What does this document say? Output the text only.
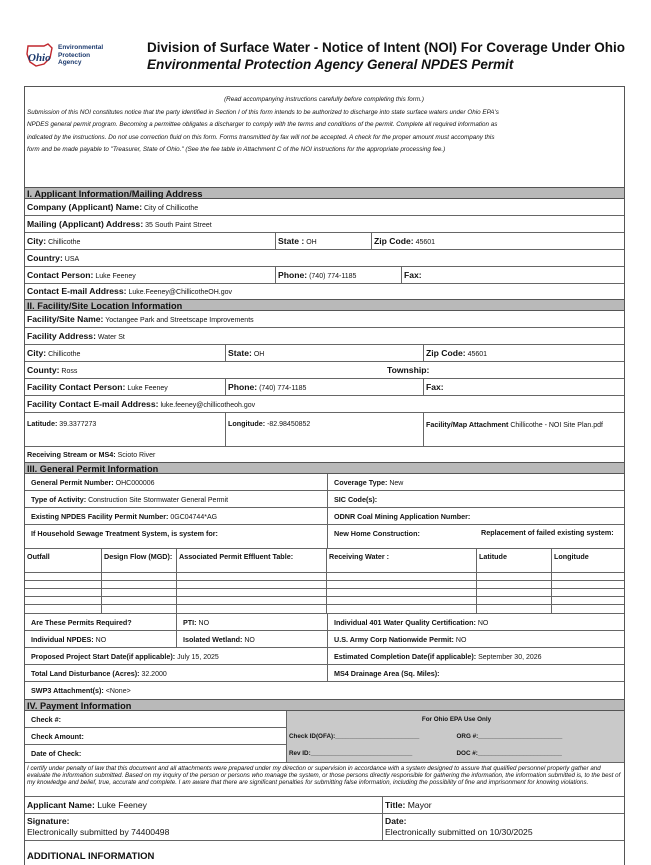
Ohio
Environmental
Protection
Agency
Division of Surface Water - Notice of Intent (NOI) For Coverage Under Ohio
Environmental Protection Agency General NPDES Permit
(Read accompanying instructions carefully before completing this form.)
Submission of this NOI constitutes notice that the party identified in Section I of this form intends to be authorized to discharge into state surface waters under Ohio EPA's
NPDES general permit program. Becoming a permittee obligates a discharger to comply with the terms and conditions of the permit. Complete all required information as
indicated by the instructions. Do not use correction fluid on this form. Forms transmitted by fax will not be accepted. A check for the proper amount must accompany this
form and be made payable to "Treasurer, State of Ohio." (See the fee table in Attachment C of the NOI instructions for the appropriate processing fee.)
I. Applicant Information/Mailing Address
Company (Applicant) Name: City of Chillicothe
Mailing (Applicant) Address: 35 South Paint Street
City: Chillicothe	State : OH	Zip Code: 45601
Country: USA
Contact Person: Luke Feeney	Phone: (740) 774-1185	Fax:
Contact E-mail Address: Luke.Feeney@ChillicotheOH.gov
II. Facility/Site Location Information
Facility/Site Name: Yoctangee Park and Streetscape Improvements
Facility Address: Water St
City: Chillicothe	State: OH	Zip Code: 45601
County: Ross	Township:
Facility Contact Person: Luke Feeney	Phone: (740) 774-1185	Fax:
Facility Contact E-mail Address: luke.feeney@chillicotheoh.gov
Latitude: 39.3377273	Longitude: -82.98450852	Facility/Map Attachment Chillicothe - NOI Site Plan.pdf
Receiving Stream or MS4: Scioto River
III. General Permit Information
General Permit Number: OHC000006	Coverage Type: New
Type of Activity: Construction Site Stormwater General Permit	SIC Code(s):
Existing NPDES Facility Permit Number: 0GC04744*AG	ODNR Coal Mining Application Number:
If Household Sewage Treatment System, is system for:	New Home Construction:	Replacement of failed existing system:
Outfall	Design Flow (MGD): Associated Permit Effluent Table:	Receiving Water :	Latitude	Longitude
Are These Permits Required?	PTI: NO	Individual 401 Water Quality Certification: NO
Individual NPDES: NO	Isolated Wetland: NO	U.S. Army Corp Nationwide Permit: NO
Proposed Project Start Date(if applicable): July 15, 2025	Estimated Completion Date(if applicable): September 30, 2026
Total Land Disturbance (Acres): 32.2000	MS4 Drainage Area (Sq. Miles):
SWP3 Attachment(s): <None>
IV. Payment Information
Check #:
Check Amount:
Date of Check:
For Ohio EPA Use Only
Check ID(OFA):________________________	ORG #:________________________
Rev ID:_____________________________	DOC #:________________________
I certify under penalty of law that this document and all attachments were prepared under my direction or supervision in accordance with a system designed to assure that qualified personnel properly gather and evaluate the information submitted. Based on my inquiry of the person or persons who manage the system, or those persons directly responsible for gathering the information, the information submitted is, to the best of my knowledge and belief, true, accurate and complete. I am aware that there are significant penalties for submitting false information, including the possibility of fine and imprisonment for knowing violations.
Applicant Name: Luke Feeney	Title: Mayor
Signature:
Electronically submitted by 74400498
Date:
Electronically submitted on 10/30/2025
ADDITIONAL INFORMATION
